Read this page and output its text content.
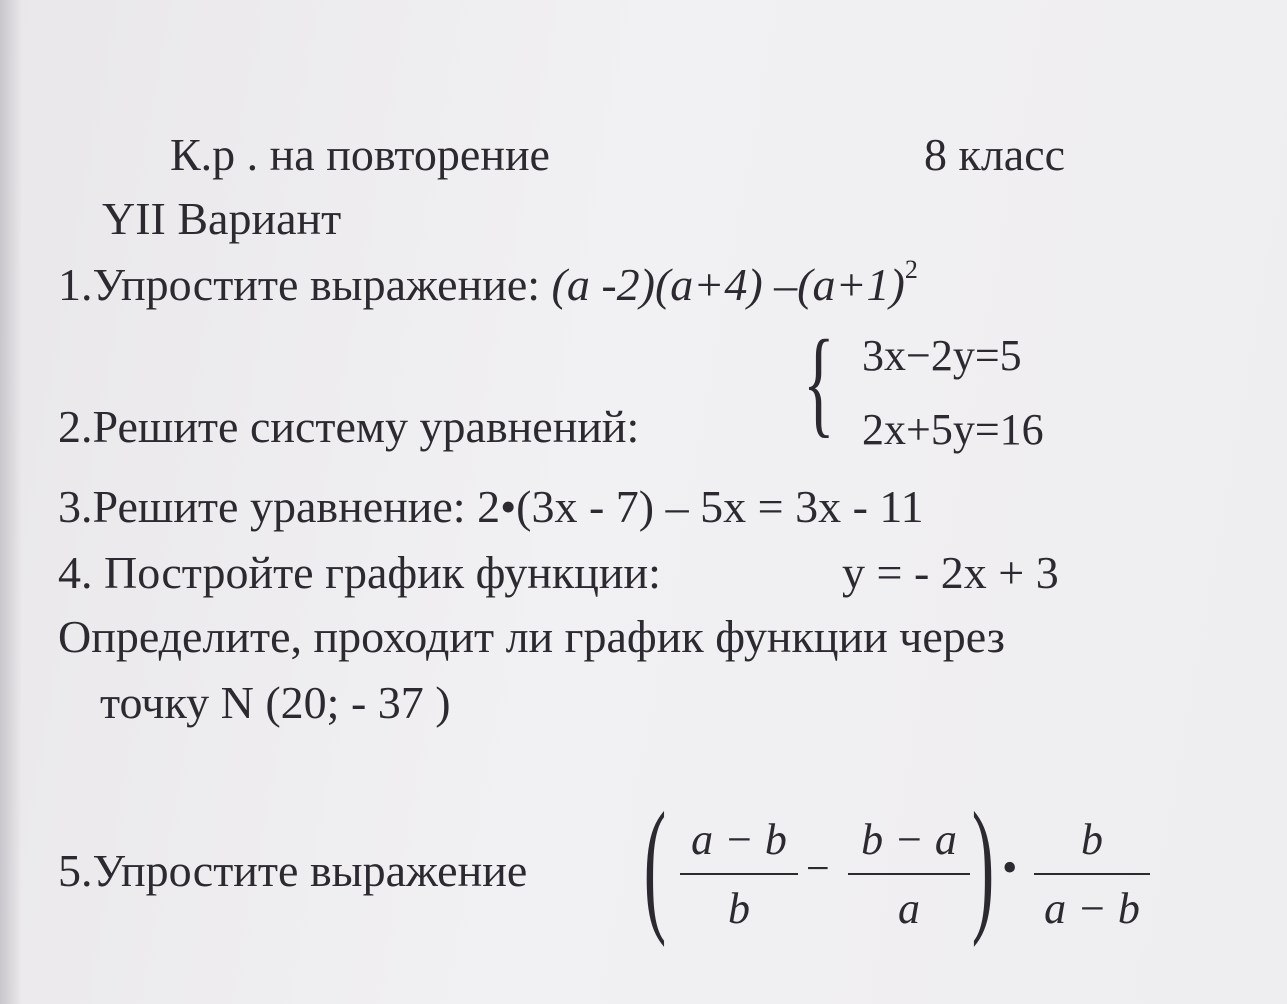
К.р . на повторение	8 класс
YII Вариант
1.Упростите выражение: (a -2)(a+4) $-(a+1)^2$
2.Решите систему уравнений: { 3x−2y=5
2x+5y=16
3.Решите уравнение: 2•(3x - 7) – 5x = 3x - 11
4. Постройте график функции:	y = - 2x + 3
Определите, проходит ли график функции через
точку N (20; - 37 )
5.Упростите выражение ( a − b
b
−
b − a
a ) •
b
a − b
